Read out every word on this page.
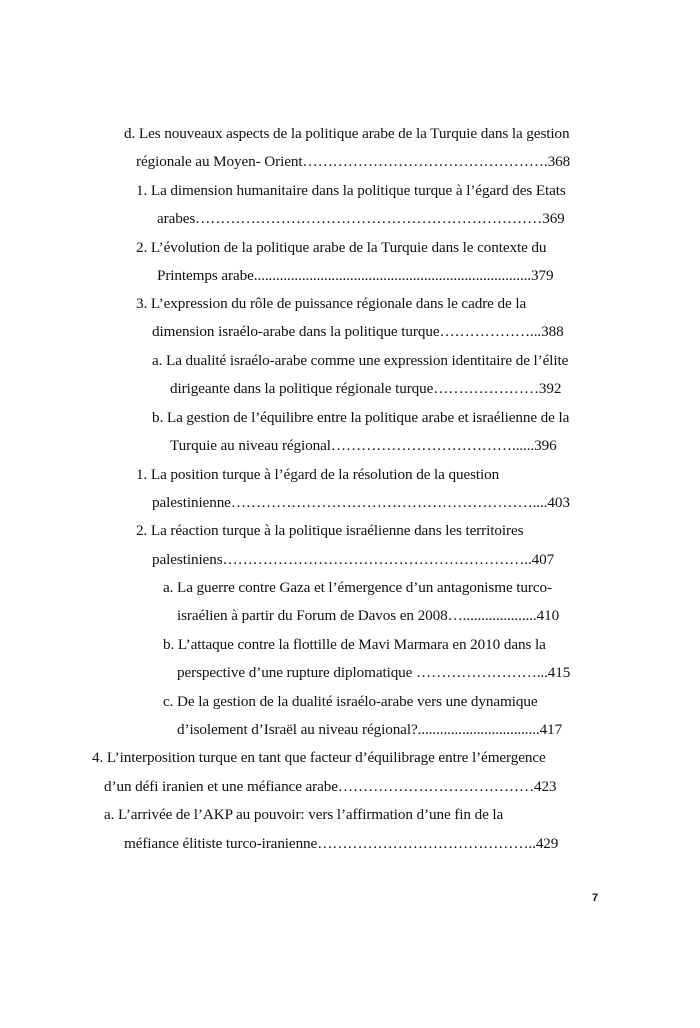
d. Les nouveaux aspects de la politique arabe de la Turquie dans la gestion
régionale au Moyen- Orient………………………………………….368
1. La dimension humanitaire dans la politique turque à l’égard des Etats
arabes……………………………………………………………369
2. L’évolution de la politique arabe de la Turquie dans le contexte du
Printemps arabe...........................................................................379
3. L’expression du rôle de puissance régionale dans le cadre de la
dimension israélo-arabe dans la politique turque………………...388
a. La dualité israélo-arabe comme une expression identitaire de l’élite
dirigeante dans la politique régionale turque…………………392
b. La gestion de l’équilibre entre la politique arabe et israélienne de la
Turquie au niveau régional………………………………......396
1. La position turque à l’égard de la résolution de la question
palestinienne……………………………………………………....403
2. La réaction turque à la politique israélienne dans les territoires
palestiniens……………………………………………………..407
a. La guerre contre Gaza et l’émergence d’un antagonisme turco-
israélien à partir du Forum de Davos en 2008…....................410
b. L’attaque contre la flottille de Mavi Marmara en 2010 dans la
perspective d’une rupture diplomatique ……………………...415
c. De la gestion de la dualité israélo-arabe vers une dynamique
d’isolement d’Israël au niveau régional?.................................417
4. L’interposition turque en tant que facteur d’équilibrage entre l’émergence
d’un défi iranien et une méfiance arabe…………………………………423
a. L’arrivée de l’AKP au pouvoir: vers l’affirmation d’une fin de la
méfiance élitiste turco-iranienne……………………………………..429
7
